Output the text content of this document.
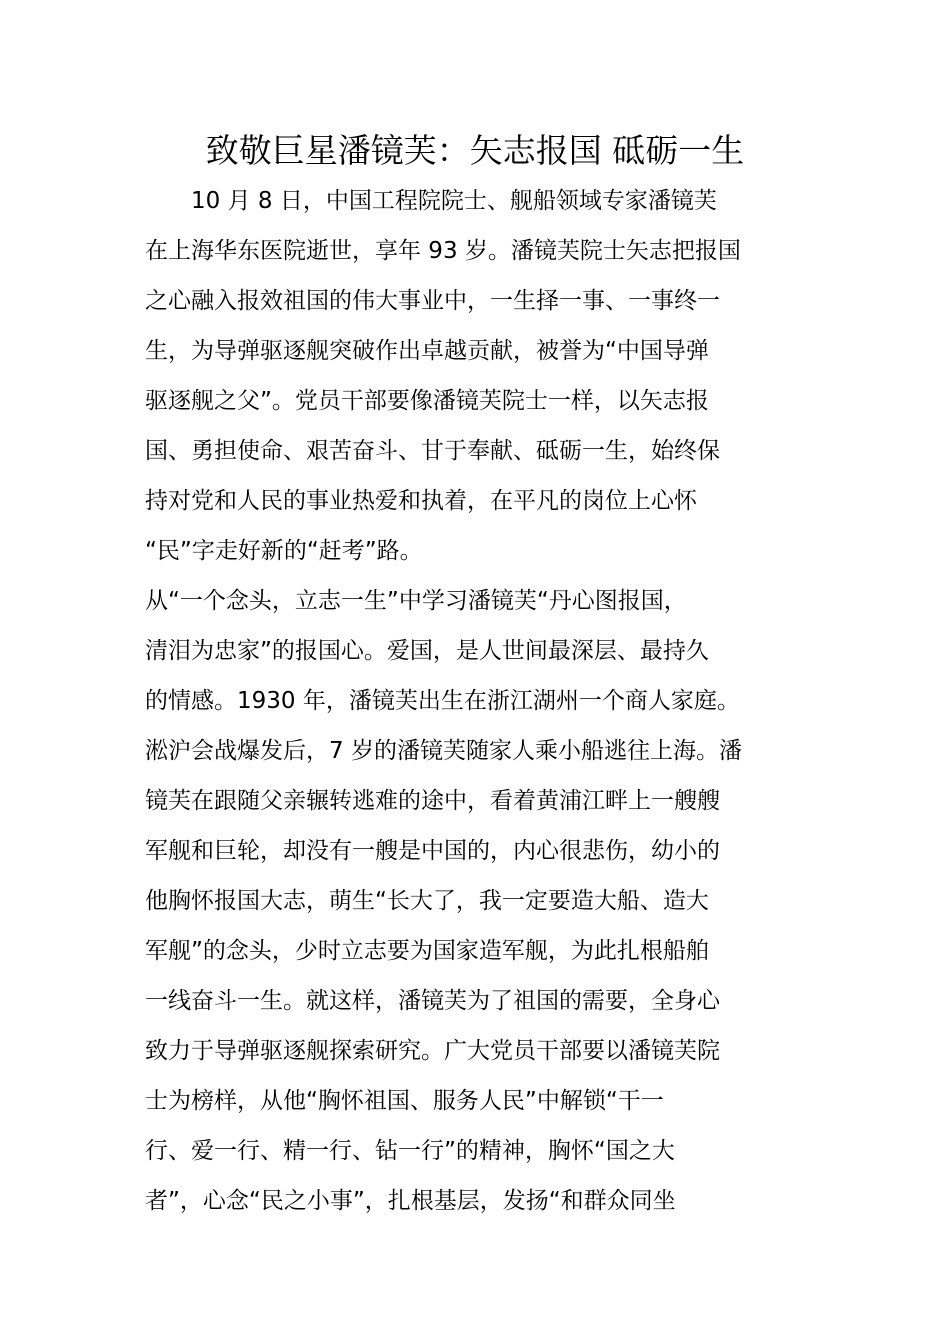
致敬巨星潘镜芙：矢志报国 砥砺一生

　　10 月 8 日，中国工程院院士、舰船领域专家潘镜芙

在上海华东医院逝世，享年 93 岁。潘镜芙院士矢志把报国

之心融入报效祖国的伟大事业中，一生择一事、一事终一

生，为导弹驱逐舰突破作出卓越贡献，被誉为“中国导弹

驱逐舰之父”。党员干部要像潘镜芙院士一样，以矢志报

国、勇担使命、艰苦奋斗、甘于奉献、砥砺一生，始终保

持对党和人民的事业热爱和执着，在平凡的岗位上心怀

“民”字走好新的“赶考”路。

从“一个念头，立志一生”中学习潘镜芙“丹心图报国，

清泪为忠家”的报国心。爱国，是人世间最深层、最持久

的情感。1930 年，潘镜芙出生在浙江湖州一个商人家庭。

淞沪会战爆发后，7 岁的潘镜芙随家人乘小船逃往上海。潘

镜芙在跟随父亲辗转逃难的途中，看着黄浦江畔上一艘艘

军舰和巨轮，却没有一艘是中国的，内心很悲伤，幼小的

他胸怀报国大志，萌生“长大了，我一定要造大船、造大

军舰”的念头，少时立志要为国家造军舰，为此扎根船舶

一线奋斗一生。就这样，潘镜芙为了祖国的需要，全身心

致力于导弹驱逐舰探索研究。广大党员干部要以潘镜芙院

士为榜样，从他“胸怀祖国、服务人民”中解锁“干一

行、爱一行、精一行、钻一行”的精神，胸怀“国之大

者”，心念“民之小事”，扎根基层，发扬“和群众同坐
